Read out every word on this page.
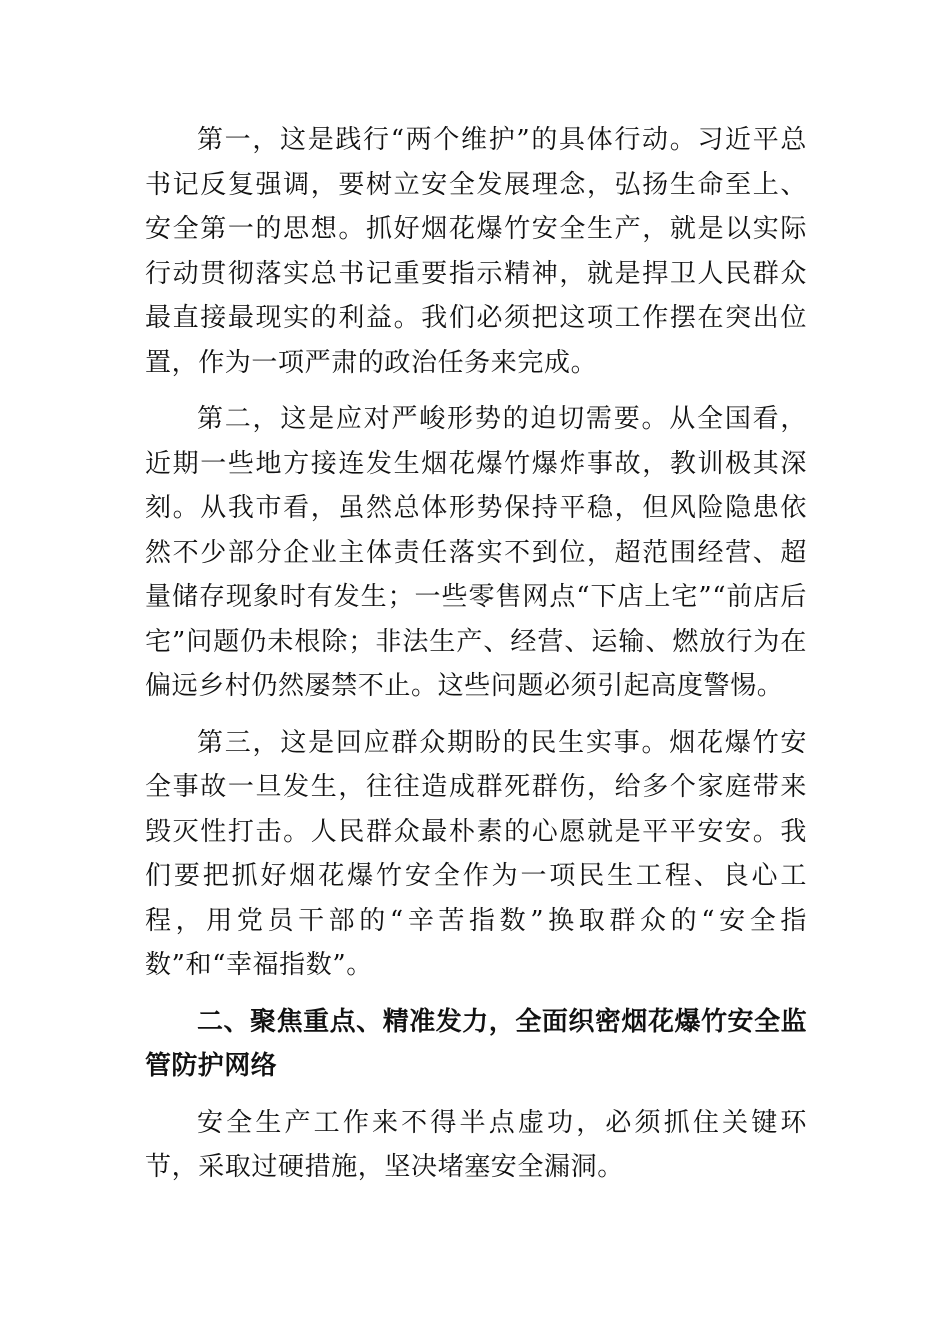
第一，这是践行“两个维护”的具体行动。习近平总书记反复强调，要树立安全发展理念，弘扬生命至上、安全第一的思想。抓好烟花爆竹安全生产，就是以实际行动贯彻落实总书记重要指示精神，就是捍卫人民群众最直接最现实的利益。我们必须把这项工作摆在突出位置，作为一项严肃的政治任务来完成。

第二，这是应对严峻形势的迫切需要。从全国看，近期一些地方接连发生烟花爆竹爆炸事故，教训极其深刻。从我市看，虽然总体形势保持平稳，但风险隐患依然不少部分企业主体责任落实不到位，超范围经营、超量储存现象时有发生；一些零售网点“下店上宅”“前店后宅”问题仍未根除；非法生产、经营、运输、燃放行为在偏远乡村仍然屡禁不止。这些问题必须引起高度警惕。

第三，这是回应群众期盼的民生实事。烟花爆竹安全事故一旦发生，往往造成群死群伤，给多个家庭带来毁灭性打击。人民群众最朴素的心愿就是平平安安。我们要把抓好烟花爆竹安全作为一项民生工程、良心工程，用党员干部的“辛苦指数”换取群众的“安全指数”和“幸福指数”。

二、聚焦重点、精准发力，全面织密烟花爆竹安全监管防护网络

安全生产工作来不得半点虚功，必须抓住关键环节，采取过硬措施，坚决堵塞安全漏洞。
